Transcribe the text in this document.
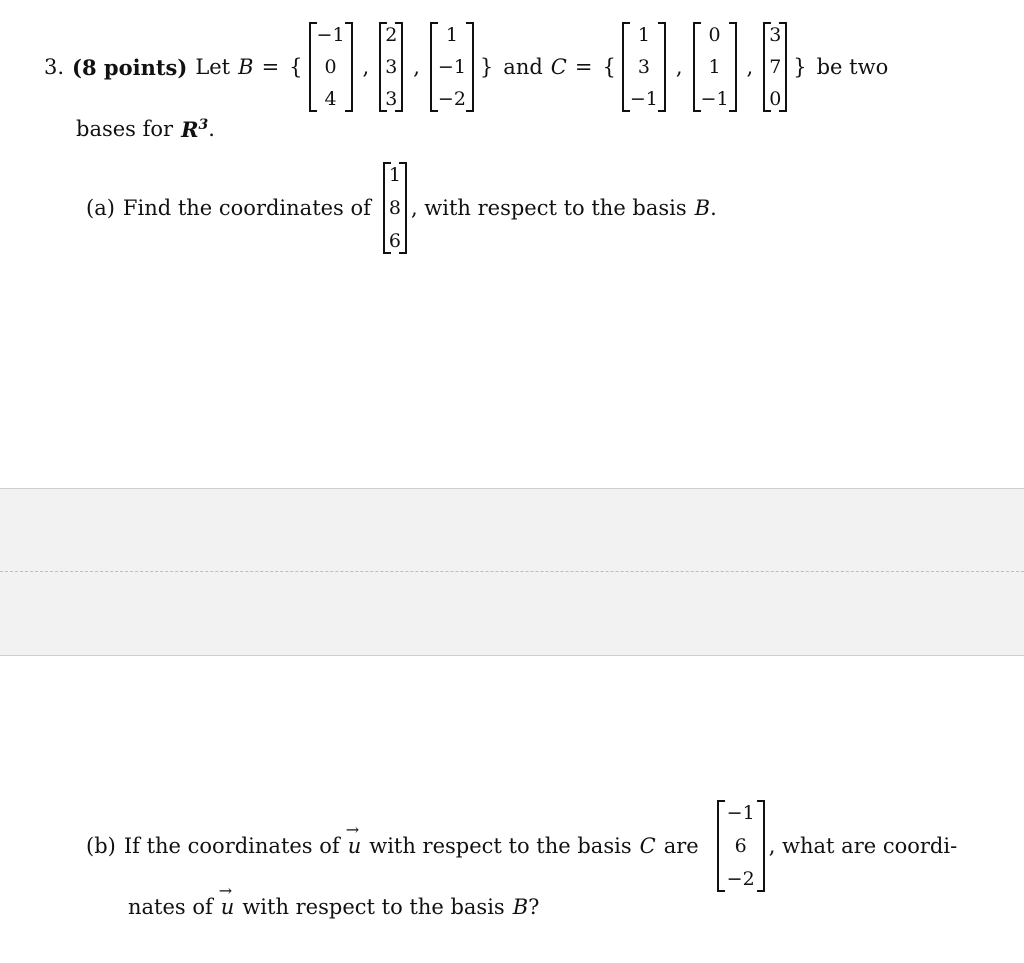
3. (8 points) Let B = {
−1
0
4
,
2
3
3
,
1
−1
−2
} and C = {
1
3
−1
,
0
1
−1
,
3
7
0
} be two
bases for $R^3$ .
(a) Find the coordinates of
1
8
6
, with respect to the basis B .
(b) If the coordinates of
→
u with respect to the basis C are
−1
6
−2
, what are coordi-
nates of
→
u with respect to the basis B ?
